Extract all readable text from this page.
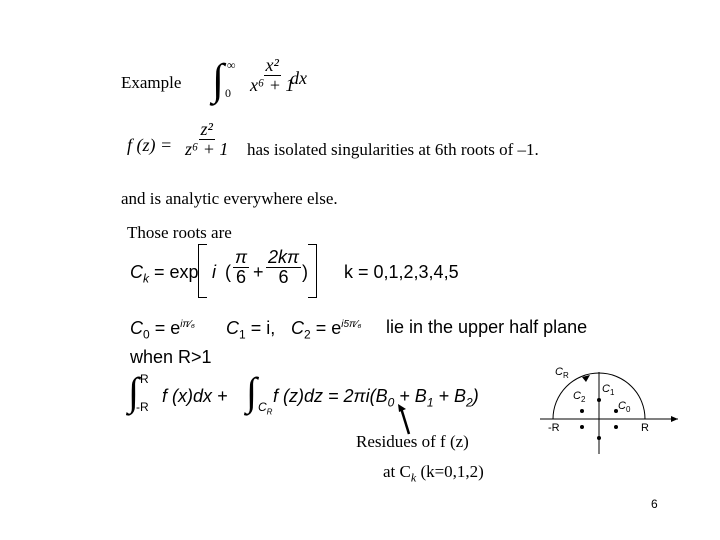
Example ∫ ∞
$0 \frac{\text{x²}}{\text{x⁶ + 1}}$
dx
f $(z) = \frac{\text{z²}}{\text{z⁶ + 1}}$ has isolated singularities at 6th roots of –1.
and is analytic everywhere else.
Those roots are
$C_k = \exp i$ ( $\frac{\pi}{6} + \frac{2k\pi}{6}$ ) k = 0,1,2,3,4,5
$C_0 = e^{i\pi⁄_6}$ $C_1 = i$, $C_2 = e^{i5\pi⁄_6}$ lie in the upper half plane
when R>1
∫ R
-R
f (x)dx + ∫ $C_R$
f $(z)dz = 2\pi i(B_0 + B_1 + B_2)$
Residues of f (z)
at $C_k$ (k=0,1,2)
$C_R$
$C_1$
$C_2$
$C_0$
-R	R
6
